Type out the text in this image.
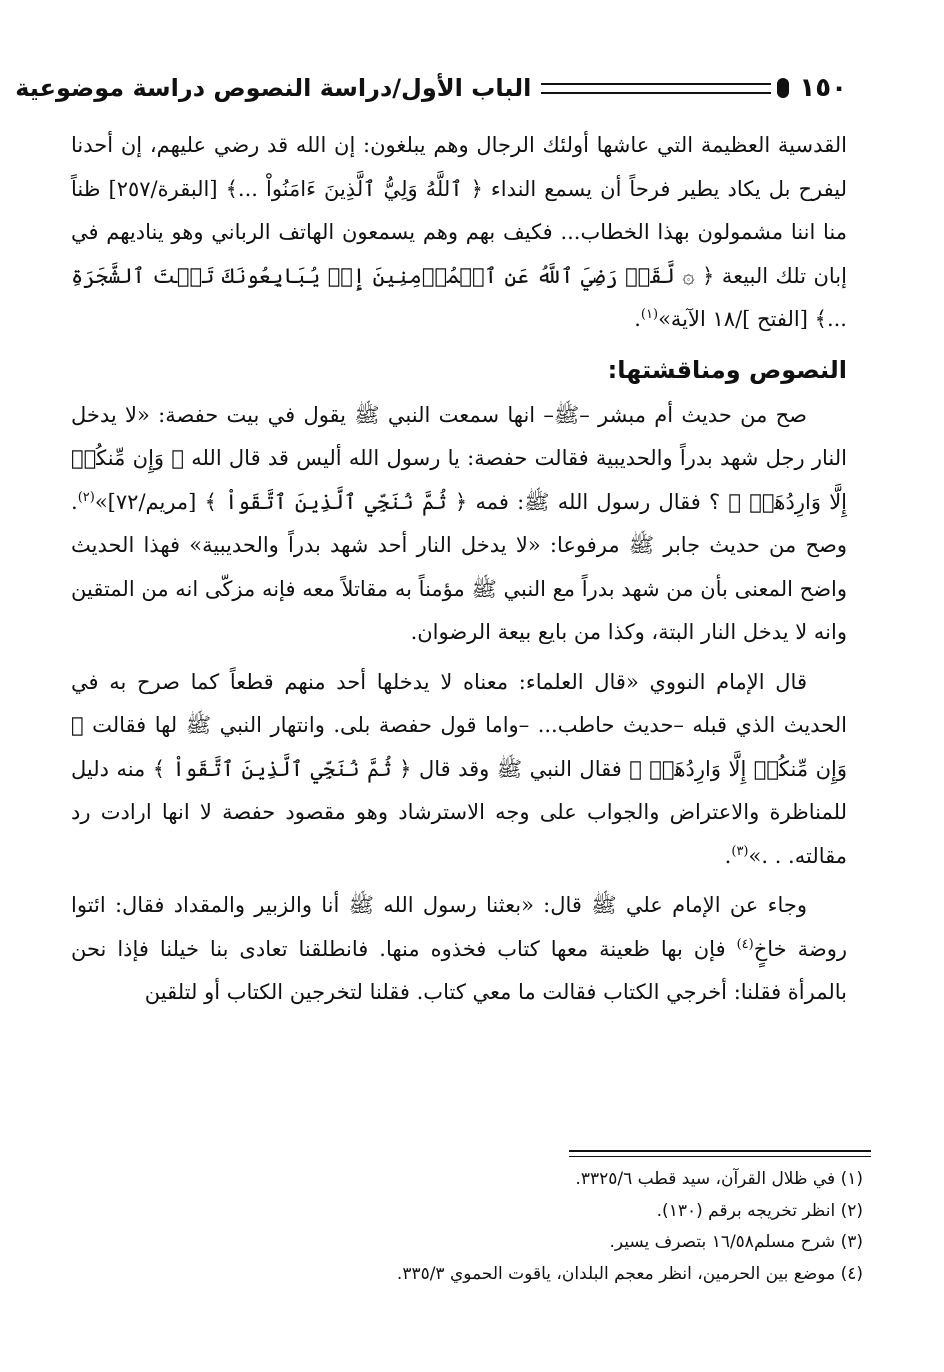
١٥٠
الباب الأول/دراسة النصوص دراسة موضوعية

القدسية العظيمة التي عاشها أولئك الرجال وهم يبلغون: إن الله قد رضي عليهم، إن أحدنا ليفرح بل يكاد يطير فرحاً أن يسمع النداء ﴿ ٱللَّهُ وَلِيُّ ٱلَّذِينَ ءَامَنُواْ ...﴾ [البقرة/٢٥٧] ظناً منا اننا مشمولون بهذا الخطاب... فكيف بهم وهم يسمعون الهاتف الرباني وهو يناديهم في إبان تلك البيعة ﴿ ۞ لَّقَدۡ رَضِيَ ٱللَّهُ عَنِ ٱلۡمُؤۡمِنِينَ إِذۡ يُبَايِعُونَكَ تَحۡتَ ٱلشَّجَرَةِ ...﴾ [الفتح ]/١٨ الآية»$^{(١)}$.

النصوص ومناقشتها:

صح من حديث أم مبشر –ﷺ– انها سمعت النبي ﷺ يقول في بيت حفصة: «لا يدخل النار رجل شهد بدراً والحديبية فقالت حفصة: يا رسول الله أليس قد قال الله ﴿ وَإِن مِّنكُمۡ إِلَّا وَارِدُهَاۚ ﴾ ؟ فقال رسول الله ﷺ: فمه ﴿ ثُمَّ نُنَجِّي ٱلَّذِينَ ٱتَّقَواْ ﴾ [مريم/٧٢]»$^{(٢)}$. وصح من حديث جابر ﷺ مرفوعا: «لا يدخل النار أحد شهد بدراً والحديبية» فهذا الحديث واضح المعنى بأن من شهد بدراً مع النبي ﷺ مؤمناً به مقاتلاً معه فإنه مزكّى انه من المتقين وانه لا يدخل النار البتة، وكذا من بايع بيعة الرضوان.

قال الإمام النووي «قال العلماء: معناه لا يدخلها أحد منهم قطعاً كما صرح به في الحديث الذي قبله –حديث حاطب... –واما قول حفصة بلى. وانتهار النبي ﷺ لها فقالت ﴿ وَإِن مِّنكُمۡ إِلَّا وَارِدُهَاۚ ﴾ فقال النبي ﷺ وقد قال ﴿ ثُمَّ نُنَجِّي ٱلَّذِينَ ٱتَّقَواْ ﴾ منه دليل للمناظرة والاعتراض والجواب على وجه الاسترشاد وهو مقصود حفصة لا انها ارادت رد مقالته. . .»$^{(٣)}$.

وجاء عن الإمام علي ﷺ قال: «بعثنا رسول الله ﷺ أنا والزبير والمقداد فقال: ائتوا روضة خاخٍ$^{(٤)}$ فإن بها ظعينة معها كتاب فخذوه منها. فانطلقنا تعادى بنا خيلنا فإذا نحن بالمرأة فقلنا: أخرجي الكتاب فقالت ما معي كتاب. فقلنا لتخرجين الكتاب أو لتلقين

(١) في ظلال القرآن، سيد قطب ٣٣٢٥/٦.
(٢) انظر تخريجه برقم (١٣٠).
(٣) شرح مسلم١٦/٥٨ بتصرف يسير.
(٤) موضع بين الحرمين، انظر معجم البلدان، ياقوت الحموي ٣٣٥/٣.
